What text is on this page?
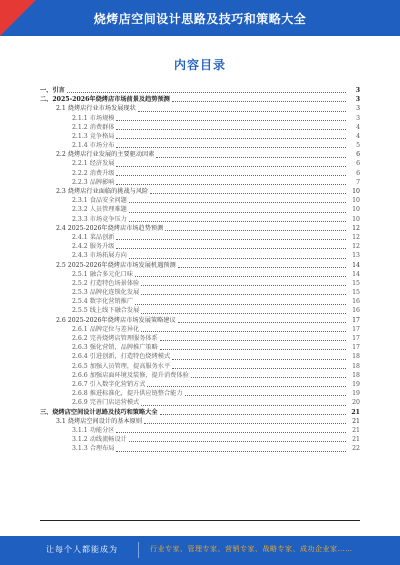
烧烤店空间设计思路及技巧和策略大全
内容目录
一、引言	3
二、2025-2026年烧烤店市场前景及趋势预测	3
2.1 烧烤店行业市场发展现状	3
2.1.1 市场规模	3
2.1.2 消费群体	4
2.1.3 竞争格局	4
2.1.4 市场分布	5
2.2 烧烤店行业发展的主要驱动因素	6
2.2.1 经济发展	6
2.2.2 消费升级	6
2.2.3 品牌影响	7
2.3 烧烤店行业面临的挑战与风险	10
2.3.1 食品安全问题	10
2.3.2 人员管理难题	10
2.3.3 市场竞争压力	10
2.4 2025-2026年烧烤店市场趋势预测	12
2.4.1 菜品创新	12
2.4.2 服务升级	12
2.4.3 市场拓展方向	13
2.5 2025-2026年烧烤店市场发展机遇预测	14
2.5.1 融合多元化口味	14
2.5.2 打造特色场景体验	15
2.5.3 品牌化连锁化发展	15
2.5.4 数字化营销推广	16
2.5.5 线上线下融合发展	16
2.6 2025-2026年烧烤店市场发展策略建议	17
2.6.1 品牌定位与差异化	17
2.6.2 完善烧烤店管理服务体系	17
2.6.3 强化营销，品牌推广策略	17
2.6.4 引进创新，打造特色烧烤模式	18
2.6.5 加强人员管理，提高服务水平	18
2.6.6 加强店面环境及装修，提升消费体验	18
2.6.7 引入数字化营销方式	19
2.6.8 推进标准化，提升供应链整合能力	19
2.6.9 完善门店运营模式	20
三、烧烤店空间设计思路及技巧和策略大全	21
3.1 烧烤店空间设计的基本原则	21
3.1.1 功能分区	21
3.1.2 动线流畅设计	21
3.1.3 合理布局	22
让每个人都能成为	行业专家、管理专家、营销专家、战略专家、成功企业家……
